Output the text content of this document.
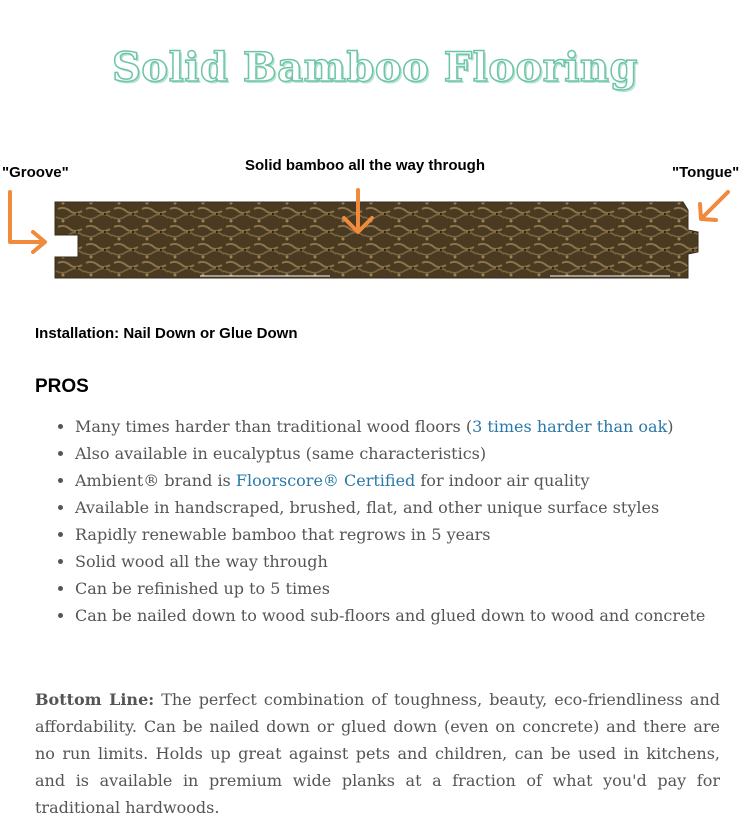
Solid Bamboo Flooring
"Groove"	Solid bamboo all the way through	"Tongue"
Installation: Nail Down or Glue Down
PROS
• Many times harder than traditional wood floors (3 times harder than oak)
• Also available in eucalyptus (same characteristics)
• Ambient® brand is Floorscore® Certified for indoor air quality
• Available in handscraped, brushed, flat, and other unique surface styles
• Rapidly renewable bamboo that regrows in 5 years
• Solid wood all the way through
• Can be refinished up to 5 times
• Can be nailed down to wood sub-floors and glued down to wood and concrete

Bottom Line: The perfect combination of toughness, beauty, eco-friendliness and affordability. Can be nailed down or glued down (even on concrete) and there are no run limits. Holds up great against pets and children, can be used in kitchens, and is available in premium wide planks at a fraction of what you'd pay for traditional hardwoods.
